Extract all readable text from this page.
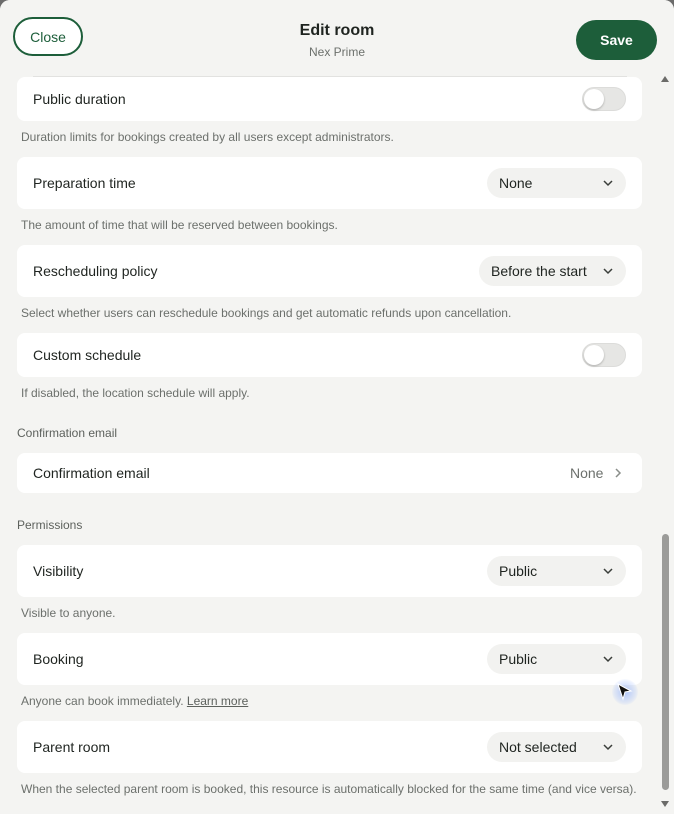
Public duration
Duration limits for bookings created by all users except administrators.
Preparation time	None
The amount of time that will be reserved between bookings.
Rescheduling policy	Before the start
Select whether users can reschedule bookings and get automatic refunds upon cancellation.
Custom schedule
If disabled, the location schedule will apply.
Confirmation email
Confirmation email	None
Permissions
Visibility	Public
Visible to anyone.
Booking	Public
Anyone can book immediately. Learn more
Parent room	Not selected
When the selected parent room is booked, this resource is automatically blocked for the same time (and vice versa).
Close	Edit room
Nex Prime
Save
